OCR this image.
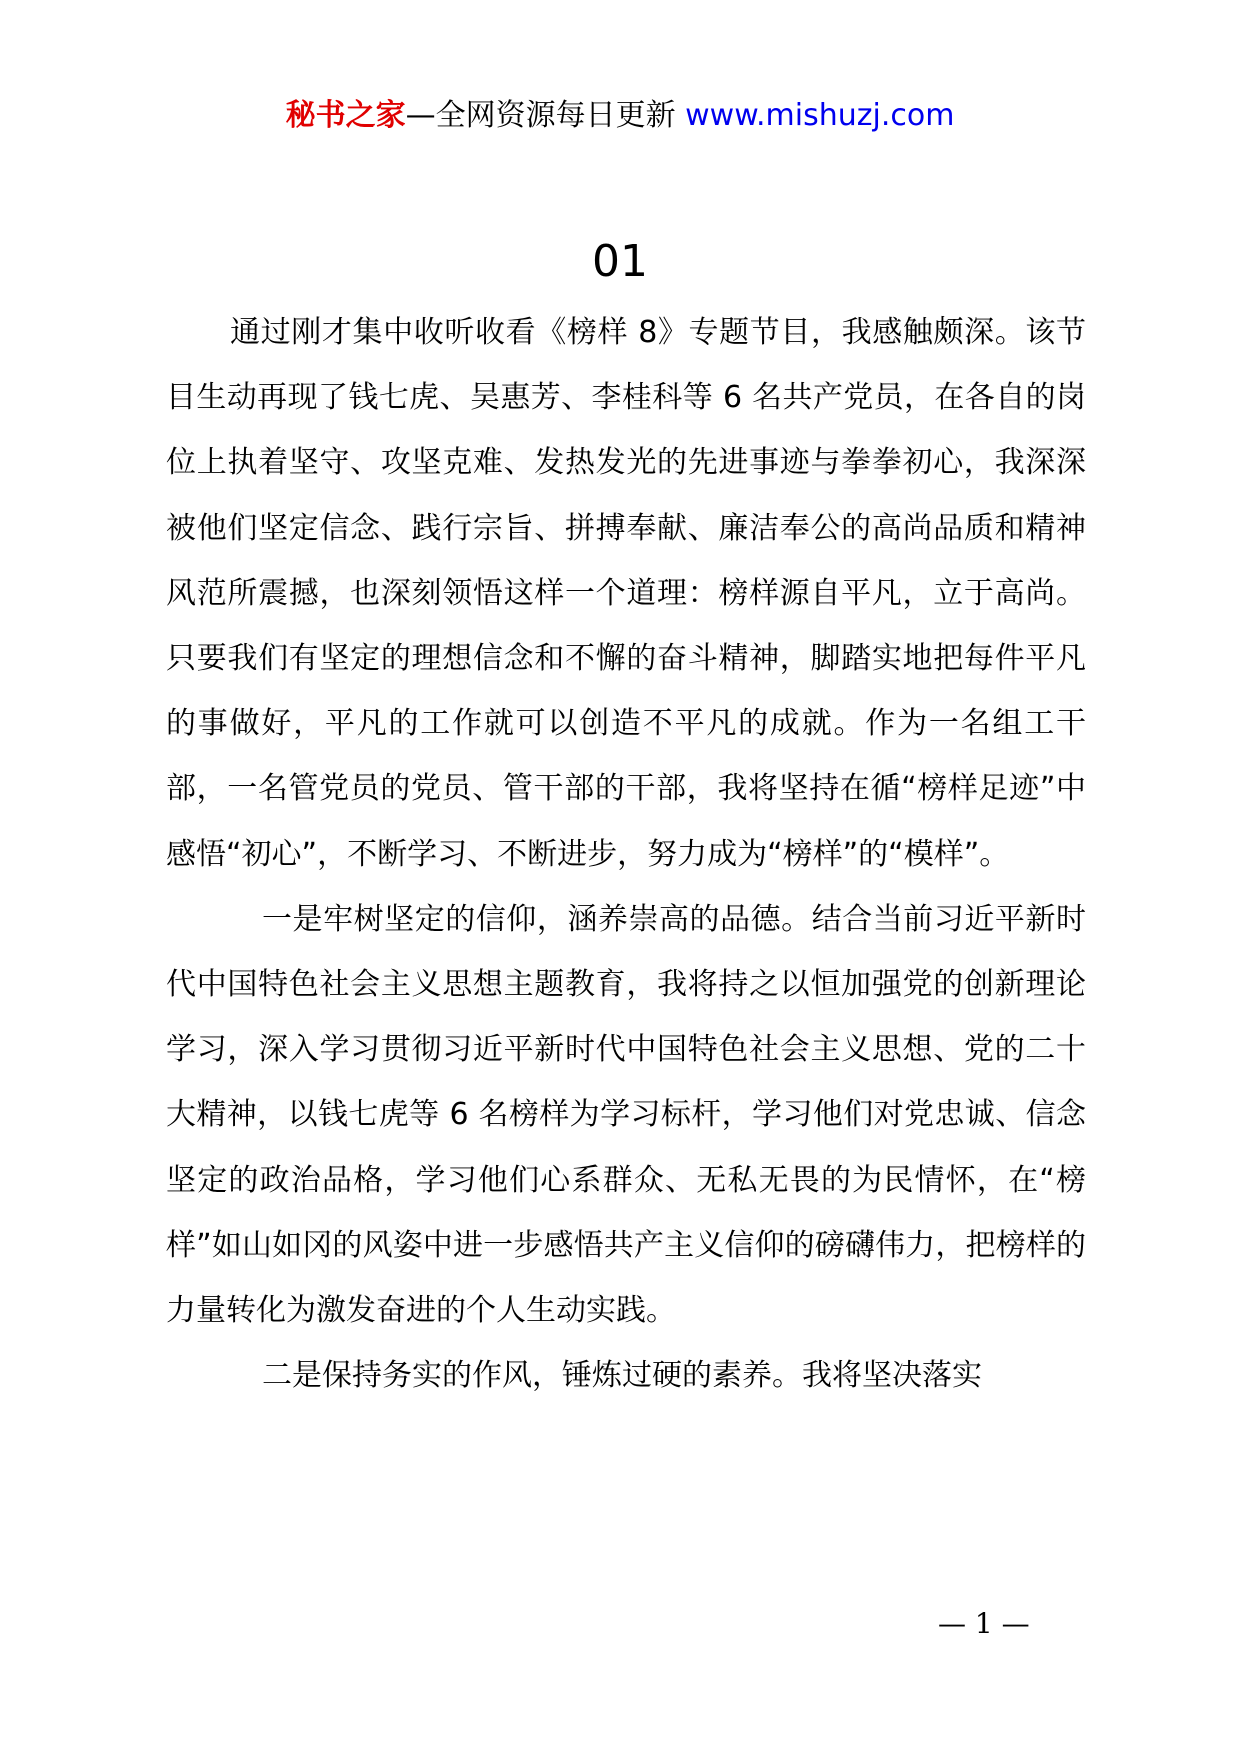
秘书之家—全网资源每日更新 www.mishuzj.com
01

通过刚才集中收听收看《榜样 8》专题节目，我感触颇深。该节目生动再现了钱七虎、吴惠芳、李桂科等 6 名共产党员，在各自的岗位上执着坚守、攻坚克难、发热发光的先进事迹与拳拳初心，我深深被他们坚定信念、践行宗旨、拼搏奉献、廉洁奉公的高尚品质和精神风范所震撼，也深刻领悟这样一个道理：榜样源自平凡，立于高尚。只要我们有坚定的理想信念和不懈的奋斗精神，脚踏实地把每件平凡的事做好，平凡的工作就可以创造不平凡的成就。作为一名组工干部，一名管党员的党员、管干部的干部，我将坚持在循“榜样足迹”中感悟“初心”，不断学习、不断进步，努力成为“榜样”的“模样”。

一是牢树坚定的信仰，涵养崇高的品德。结合当前习近平新时代中国特色社会主义思想主题教育，我将持之以恒加强党的创新理论学习，深入学习贯彻习近平新时代中国特色社会主义思想、党的二十大精神，以钱七虎等 6 名榜样为学习标杆，学习他们对党忠诚、信念坚定的政治品格，学习他们心系群众、无私无畏的为民情怀，在“榜样”如山如冈的风姿中进一步感悟共产主义信仰的磅礴伟力，把榜样的力量转化为激发奋进的个人生动实践。

二是保持务实的作风，锤炼过硬的素养。我将坚决落实

— 1 —
